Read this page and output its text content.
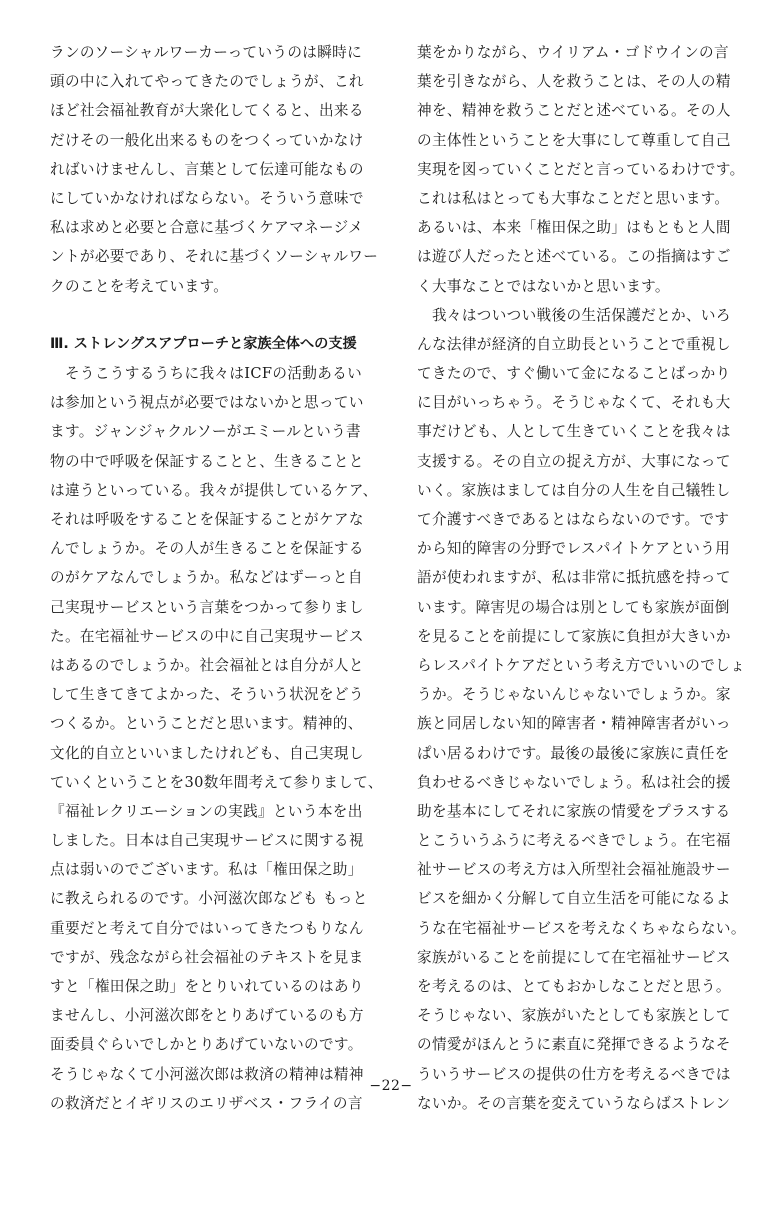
ランのソーシャルワーカーっていうのは瞬時に
頭の中に入れてやってきたのでしょうが、これ
ほど社会福祉教育が大衆化してくると、出来る
だけその一般化出来るものをつくっていかなけ
ればいけませんし、言葉として伝達可能なもの
にしていかなければならない。そういう意味で
私は求めと必要と合意に基づくケアマネージメ
ントが必要であり、それに基づくソーシャルワー
クのことを考えています。
Ⅲ. ストレングスアプローチと家族全体への支援
　そうこうするうちに我々はICFの活動あるい
は参加という視点が必要ではないかと思ってい
ます。ジャンジャクルソーがエミールという書
物の中で呼吸を保証することと、生きることと
は違うといっている。我々が提供しているケア、
それは呼吸をすることを保証することがケアな
んでしょうか。その人が生きることを保証する
のがケアなんでしょうか。私などはずーっと自
己実現サービスという言葉をつかって参りまし
た。在宅福祉サービスの中に自己実現サービス
はあるのでしょうか。社会福祉とは自分が人と
して生きてきてよかった、そういう状況をどう
つくるか。ということだと思います。精神的、
文化的自立といいましたけれども、自己実現し
ていくということを30数年間考えて参りまして、
『福祉レクリエーションの実践』という本を出
しました。日本は自己実現サービスに関する視
点は弱いのでございます。私は「権田保之助」
に教えられるのです。小河滋次郎なども もっと
重要だと考えて自分ではいってきたつもりなん
ですが、残念ながら社会福祉のテキストを見ま
すと「権田保之助」をとりいれているのはあり
ませんし、小河滋次郎をとりあげているのも方
面委員ぐらいでしかとりあげていないのです。
そうじゃなくて小河滋次郎は救済の精神は精神
の救済だとイギリスのエリザベス・フライの言
葉をかりながら、ウイリアム・ゴドウインの言
葉を引きながら、人を救うことは、その人の精
神を、精神を救うことだと述べている。その人
の主体性ということを大事にして尊重して自己
実現を図っていくことだと言っているわけです。
これは私はとっても大事なことだと思います。
あるいは、本来「権田保之助」はもともと人間
は遊び人だったと述べている。この指摘はすご
く大事なことではないかと思います。
　我々はついつい戦後の生活保護だとか、いろ
んな法律が経済的自立助長ということで重視し
てきたので、すぐ働いて金になることばっかり
に目がいっちゃう。そうじゃなくて、それも大
事だけども、人として生きていくことを我々は
支援する。その自立の捉え方が、大事になって
いく。家族はましては自分の人生を自己犠牲し
て介護すべきであるとはならないのです。です
から知的障害の分野でレスパイトケアという用
語が使われますが、私は非常に抵抗感を持って
います。障害児の場合は別としても家族が面倒
を見ることを前提にして家族に負担が大きいか
らレスパイトケアだという考え方でいいのでしょ
うか。そうじゃないんじゃないでしょうか。家
族と同居しない知的障害者・精神障害者がいっ
ぱい居るわけです。最後の最後に家族に責任を
負わせるべきじゃないでしょう。私は社会的援
助を基本にしてそれに家族の情愛をプラスする
とこういうふうに考えるべきでしょう。在宅福
祉サービスの考え方は入所型社会福祉施設サー
ビスを細かく分解して自立生活を可能になるよ
うな在宅福祉サービスを考えなくちゃならない。
家族がいることを前提にして在宅福祉サービス
を考えるのは、とてもおかしなことだと思う。
そうじゃない、家族がいたとしても家族として
の情愛がほんとうに素直に発揮できるようなそ
ういうサービスの提供の仕方を考えるべきでは
ないか。その言葉を変えていうならばストレン
−22−
